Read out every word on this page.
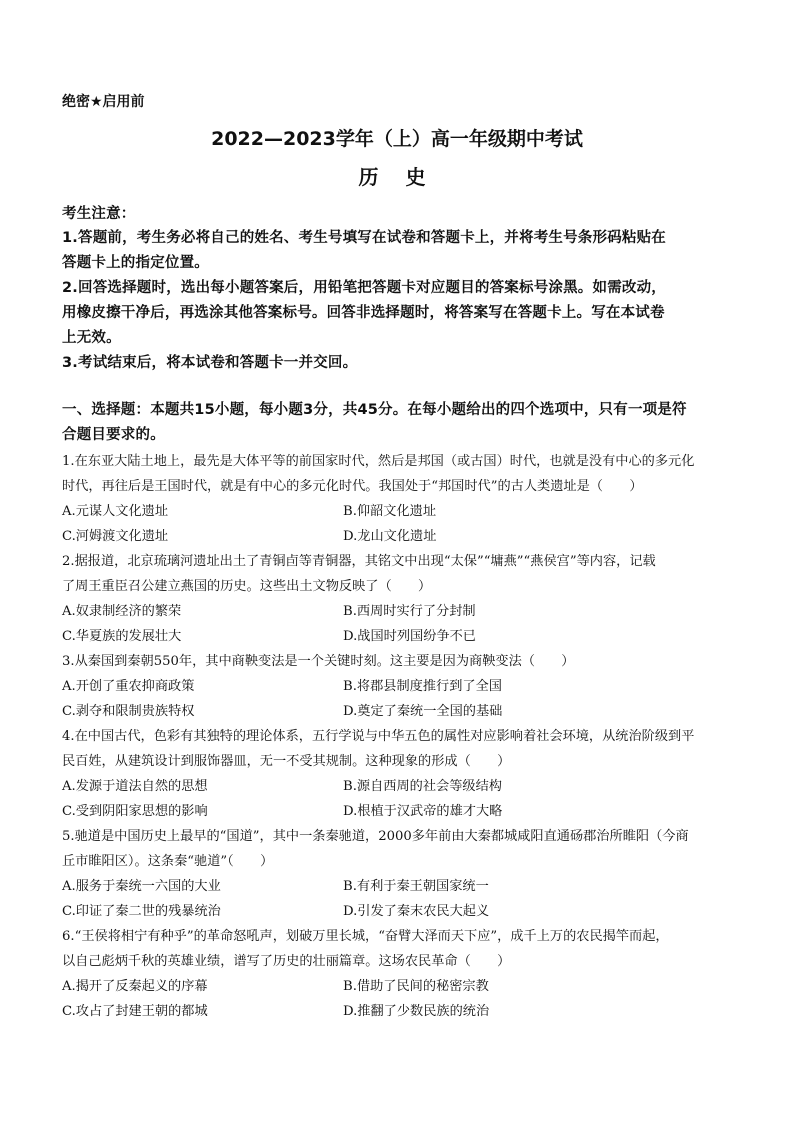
绝密★启用前
2022—2023学年（上）高一年级期中考试
历 史
考生注意：
1.答题前，考生务必将自己的姓名、考生号填写在试卷和答题卡上，并将考生号条形码粘贴在
答题卡上的指定位置。
2.回答选择题时，选出每小题答案后，用铅笔把答题卡对应题目的答案标号涂黑。如需改动，
用橡皮擦干净后，再选涂其他答案标号。回答非选择题时，将答案写在答题卡上。写在本试卷
上无效。
3.考试结束后，将本试卷和答题卡一并交回。
一、选择题：本题共15小题，每小题3分，共45分。在每小题给出的四个选项中，只有一项是符
合题目要求的。
1.在东亚大陆土地上，最先是大体平等的前国家时代，然后是邦国（或古国）时代，也就是没有中心的多元化
时代，再往后是王国时代，就是有中心的多元化时代。我国处于“邦国时代”的古人类遗址是（　　）
A.元谋人文化遗址	B.仰韶文化遗址
C.河姆渡文化遗址	D.龙山文化遗址
2.据报道，北京琉璃河遗址出土了青铜卣等青铜器，其铭文中出现“太保”“墉燕”“燕侯宫”等内容，记载
了周王重臣召公建立燕国的历史。这些出土文物反映了（　　）
A.奴隶制经济的繁荣	B.西周时实行了分封制
C.华夏族的发展壮大	D.战国时列国纷争不已
3.从秦国到秦朝550年，其中商鞅变法是一个关键时刻。这主要是因为商鞅变法（　　）
A.开创了重农抑商政策	B.将郡县制度推行到了全国
C.剥夺和限制贵族特权	D.奠定了秦统一全国的基础
4.在中国古代，色彩有其独特的理论体系，五行学说与中华五色的属性对应影响着社会环境，从统治阶级到平
民百姓，从建筑设计到服饰器皿，无一不受其规制。这种现象的形成（　　）
A.发源于道法自然的思想	B.源自西周的社会等级结构
C.受到阴阳家思想的影响	D.根植于汉武帝的雄才大略
5.驰道是中国历史上最早的“国道”，其中一条秦驰道，2000多年前由大秦都城咸阳直通砀郡治所睢阳（今商
丘市睢阳区）。这条秦“驰道”（　　）
A.服务于秦统一六国的大业	B.有利于秦王朝国家统一
C.印证了秦二世的残暴统治	D.引发了秦末农民大起义
6.“王侯将相宁有种乎”的革命怒吼声，划破万里长城，“奋臂大泽而天下应”，成千上万的农民揭竿而起，
以自己彪炳千秋的英雄业绩，谱写了历史的壮丽篇章。这场农民革命（　　）
A.揭开了反秦起义的序幕	B.借助了民间的秘密宗教
C.攻占了封建王朝的都城	D.推翻了少数民族的统治
